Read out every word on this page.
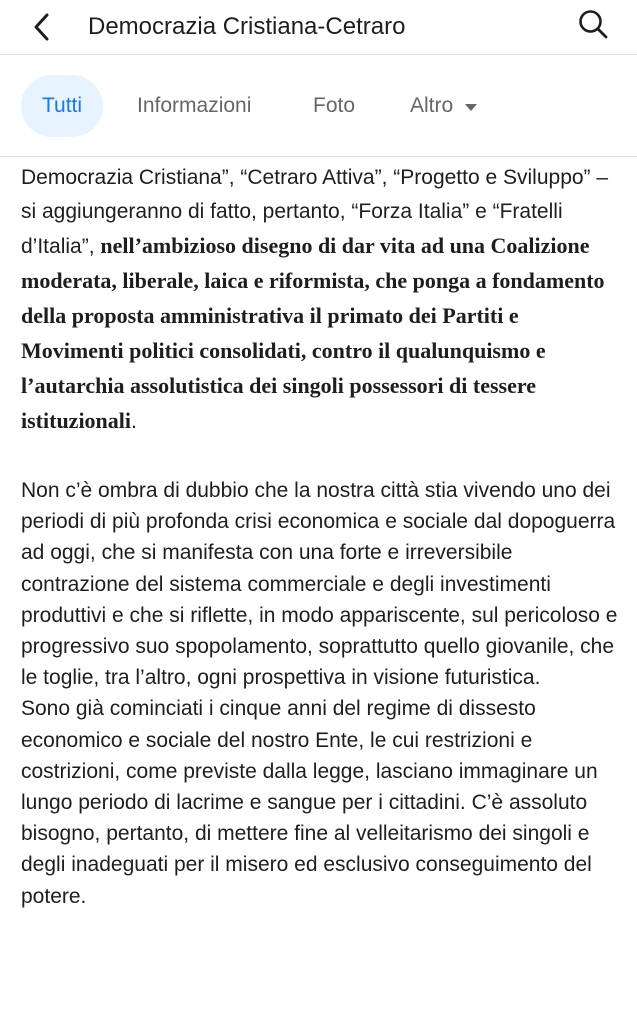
Democrazia Cristiana-Cetraro
Tutti	Informazioni	Foto	Altro

Democrazia Cristiana”, “Cetraro Attiva”, “Progetto e Sviluppo” – si aggiungeranno di fatto, pertanto, “Forza Italia” e “Fratelli d’Italia”, nell’ambizioso disegno di dar vita ad una Coalizione moderata, liberale, laica e riformista, che ponga a fondamento della proposta amministrativa il primato dei Partiti e Movimenti politici consolidati, contro il qualunquismo e l’autarchia assolutistica dei singoli possessori di tessere istituzionali.

Non c’è ombra di dubbio che la nostra città stia vivendo uno dei periodi di più profonda crisi economica e sociale dal dopoguerra ad oggi, che si manifesta con una forte e irreversibile contrazione del sistema commerciale e degli investimenti produttivi e che si riflette, in modo appariscente, sul pericoloso e progressivo suo spopolamento, soprattutto quello giovanile, che le toglie, tra l’altro, ogni prospettiva in visione futuristica.

Sono già cominciati i cinque anni del regime di dissesto economico e sociale del nostro Ente, le cui restrizioni e costrizioni, come previste dalla legge, lasciano immaginare un lungo periodo di lacrime e sangue per i cittadini. C’è assoluto bisogno, pertanto, di mettere fine al velleitarismo dei singoli e degli inadeguati per il misero ed esclusivo conseguimento del potere.
